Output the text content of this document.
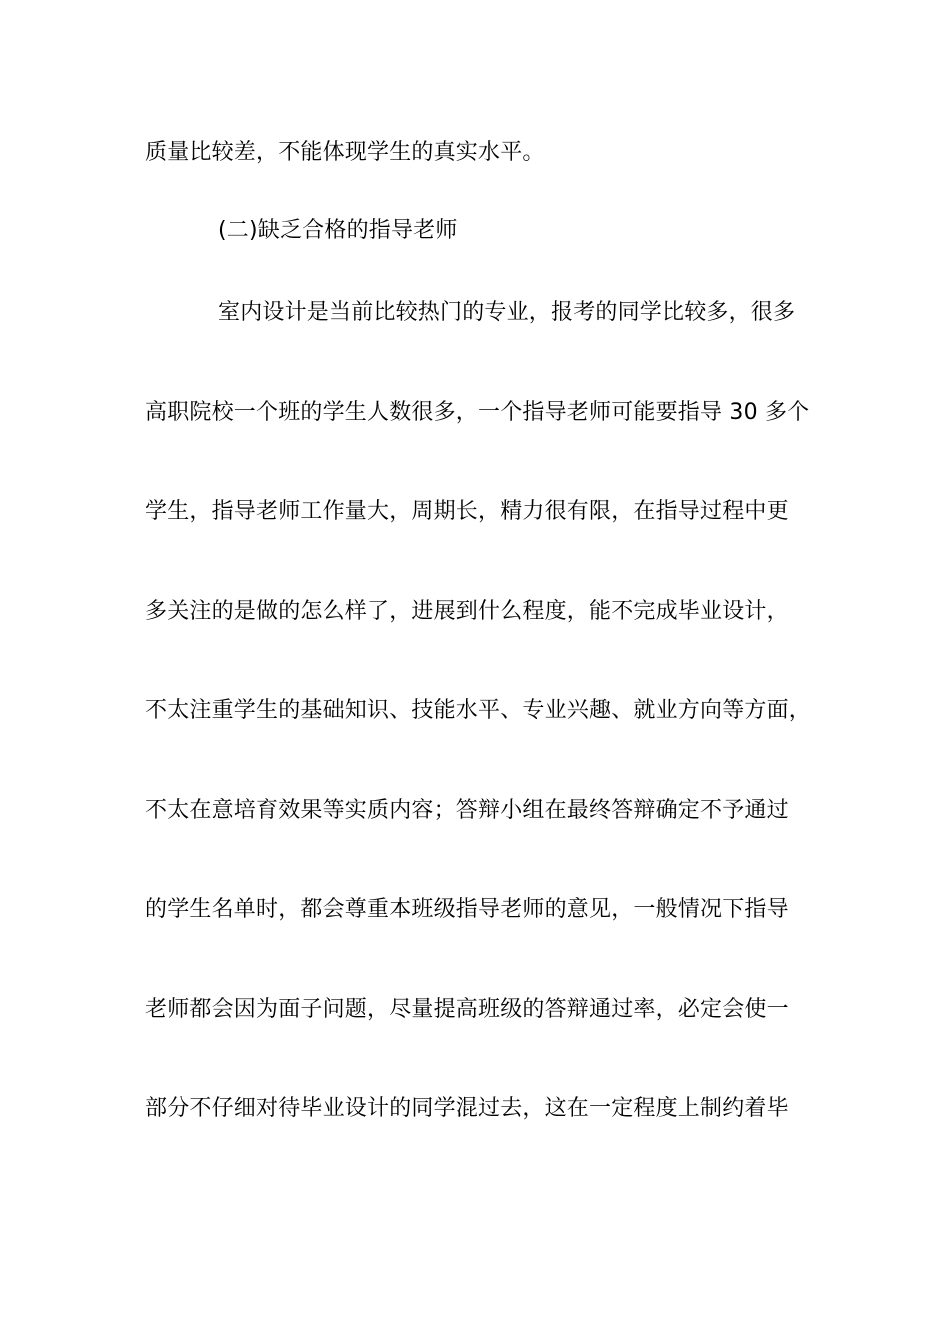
质量比较差，不能体现学生的真实水平。
(二)缺乏合格的指导老师
室内设计是当前比较热门的专业，报考的同学比较多，很多
高职院校一个班的学生人数很多，一个指导老师可能要指导 30 多个
学生，指导老师工作量大，周期长，精力很有限，在指导过程中更
多关注的是做的怎么样了，进展到什么程度，能不完成毕业设计，
不太注重学生的基础知识、技能水平、专业兴趣、就业方向等方面，
不太在意培育效果等实质内容；答辩小组在最终答辩确定不予通过
的学生名单时，都会尊重本班级指导老师的意见，一般情况下指导
老师都会因为面子问题，尽量提高班级的答辩通过率，必定会使一
部分不仔细对待毕业设计的同学混过去，这在一定程度上制约着毕
